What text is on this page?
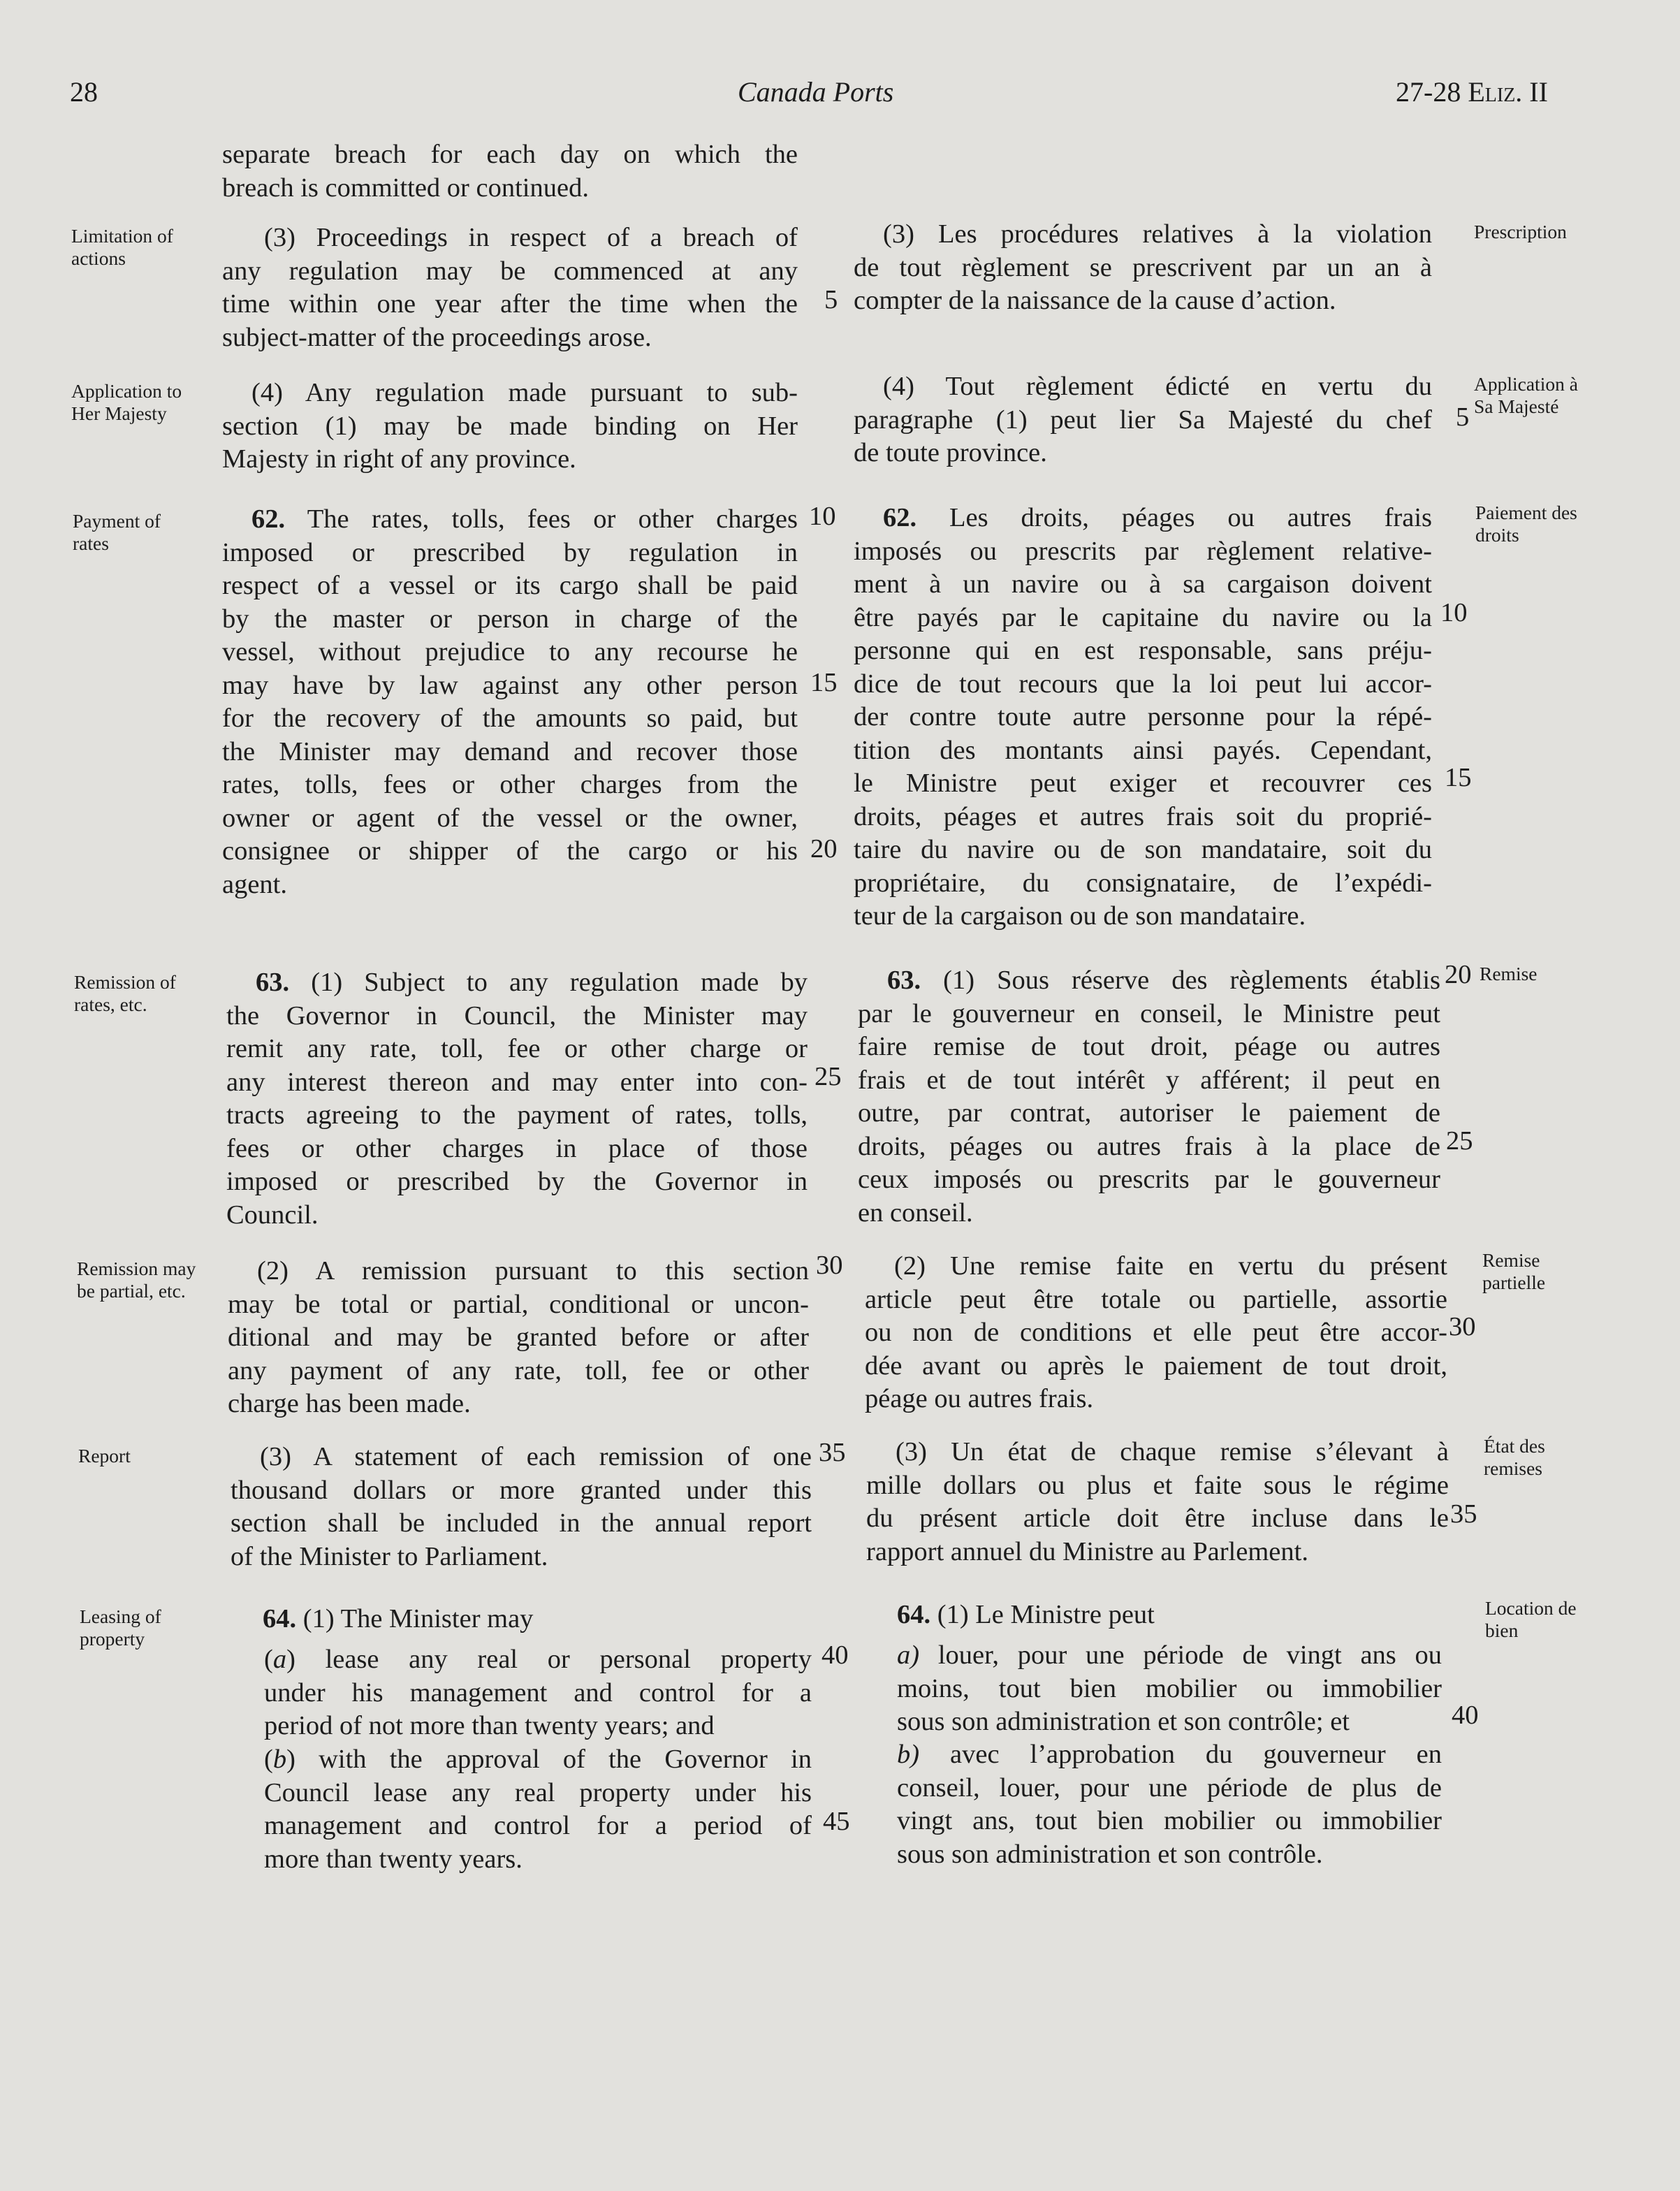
28	Canada Ports	27-28 Eliz. II
separate breach for each day on which the
breach is committed or continued.
(3) Proceedings in respect of a breach of
any regulation may be commenced at any
time within one year after the time when the
subject-matter of the proceedings arose.
(4) Any regulation made pursuant to sub-
section (1) may be made binding on Her
Majesty in right of any province.
62. The rates, tolls, fees or other charges
imposed or prescribed by regulation in
respect of a vessel or its cargo shall be paid
by the master or person in charge of the
vessel, without prejudice to any recourse he
may have by law against any other person
for the recovery of the amounts so paid, but
the Minister may demand and recover those
rates, tolls, fees or other charges from the
owner or agent of the vessel or the owner,
consignee or shipper of the cargo or his
agent.
63. (1) Subject to any regulation made by
the Governor in Council, the Minister may
remit any rate, toll, fee or other charge or
any interest thereon and may enter into con-
tracts agreeing to the payment of rates, tolls,
fees or other charges in place of those
imposed or prescribed by the Governor in
Council.
(2) A remission pursuant to this section
may be total or partial, conditional or uncon-
ditional and may be granted before or after
any payment of any rate, toll, fee or other
charge has been made.
(3) A statement of each remission of one
thousand dollars or more granted under this
section shall be included in the annual report
of the Minister to Parliament.
64. (1) The Minister may
(a) lease any real or personal property
under his management and control for a
period of not more than twenty years; and
(b) with the approval of the Governor in
Council lease any real property under his
management and control for a period of
more than twenty years.
(3) Les procédures relatives à la violation
de tout règlement se prescrivent par un an à
compter de la naissance de la cause d’action.
(4) Tout règlement édicté en vertu du
paragraphe (1) peut lier Sa Majesté du chef
de toute province.
62. Les droits, péages ou autres frais
imposés ou prescrits par règlement relative-
ment à un navire ou à sa cargaison doivent
être payés par le capitaine du navire ou la
personne qui en est responsable, sans préju-
dice de tout recours que la loi peut lui accor-
der contre toute autre personne pour la répé-
tition des montants ainsi payés. Cependant,
le Ministre peut exiger et recouvrer ces
droits, péages et autres frais soit du proprié-
taire du navire ou de son mandataire, soit du
propriétaire, du consignataire, de l’expédi-
teur de la cargaison ou de son mandataire.
63. (1) Sous réserve des règlements établis
par le gouverneur en conseil, le Ministre peut
faire remise de tout droit, péage ou autres
frais et de tout intérêt y afférent; il peut en
outre, par contrat, autoriser le paiement de
droits, péages ou autres frais à la place de
ceux imposés ou prescrits par le gouverneur
en conseil.
(2) Une remise faite en vertu du présent
article peut être totale ou partielle, assortie
ou non de conditions et elle peut être accor-
dée avant ou après le paiement de tout droit,
péage ou autres frais.
(3) Un état de chaque remise s’élevant à
mille dollars ou plus et faite sous le régime
du présent article doit être incluse dans le
rapport annuel du Ministre au Parlement.
64. (1) Le Ministre peut
a) louer, pour une période de vingt ans ou
moins, tout bien mobilier ou immobilier
sous son administration et son contrôle; et
b) avec l’approbation du gouverneur en
conseil, louer, pour une période de plus de
vingt ans, tout bien mobilier ou immobilier
sous son administration et son contrôle.
Limitation of
actions
Application to
Her Majesty
Payment of
rates
Remission of
rates, etc.
Remission may
be partial, etc.
Report
Leasing of
property
Prescription
Application à
Sa Majesté
Paiement des
droits
Remise
Remise
partielle
État des
remises
Location de
bien
5
10
15
20
25
30
35
40
45
5
10
15
20
25
30
35
40
